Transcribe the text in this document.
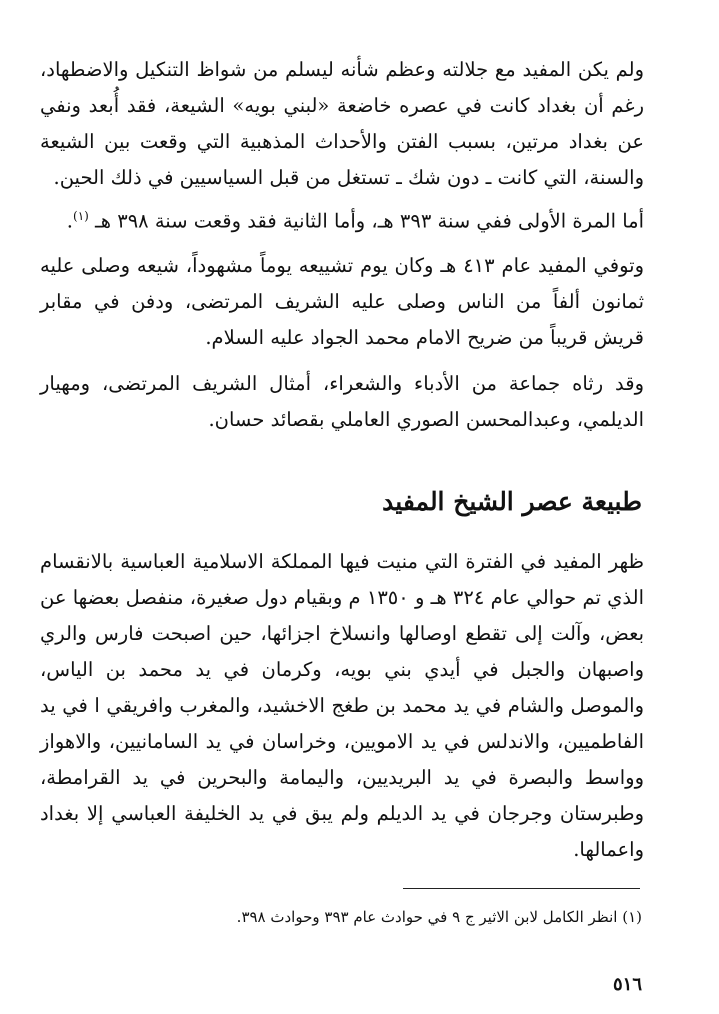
ولم يكن المفيد مع جلالته وعظم شأنه ليسلم من شواظ التنكيل والاضطهاد، رغم أن بغداد كانت في عصره خاضعة «لبني بويه» الشيعة، فقد أُبعد ونفي عن بغداد مرتين، بسبب الفتن والأحداث المذهبية التي وقعت بين الشيعة والسنة، التي كانت ـ دون شك ـ تستغل من قبل السياسيين في ذلك الحين.

أما المرة الأولى ففي سنة ٣٩٣ هـ، وأما الثانية فقد وقعت سنة ٣٩٨ هـ $^{(١)}$.

وتوفي المفيد عام ٤١٣ هـ وكان يوم تشييعه يوماً مشهوداً، شيعه وصلى عليه ثمانون ألفاً من الناس وصلى عليه الشريف المرتضى، ودفن في مقابر قريش قريباً من ضريح الامام محمد الجواد عليه السلام.

وقد رثاه جماعة من الأدباء والشعراء، أمثال الشريف المرتضى، ومهيار الديلمي، وعبدالمحسن الصوري العاملي بقصائد حسان.

طبيعة عصر الشيخ المفيد

ظهر المفيد في الفترة التي منيت فيها المملكة الاسلامية العباسية بالانقسام الذي تم حوالي عام ٣٢٤ هـ و ١٣٥٠ م وبقيام دول صغيرة، منفصل بعضها عن بعض، وآلت إلى تقطع اوصالها وانسلاخ اجزائها، حين اصبحت فارس والري واصبهان والجبل في أيدي بني بويه، وكرمان في يد محمد بن الياس، والموصل والشام في يد محمد بن طغج الاخشيد، والمغرب وافريقي ا في يد الفاطميين، والاندلس في يد الامويين، وخراسان في يد السامانيين، والاهواز وواسط والبصرة في يد البريديين، واليمامة والبحرين في يد القرامطة، وطبرستان وجرجان في يد الديلم ولم يبق في يد الخليفة العباسي إلا بغداد واعمالها.

(١) انظر الكامل لابن الاثير ج ٩ في حوادث عام ٣٩٣ وحوادث ٣٩٨.

٥١٦
